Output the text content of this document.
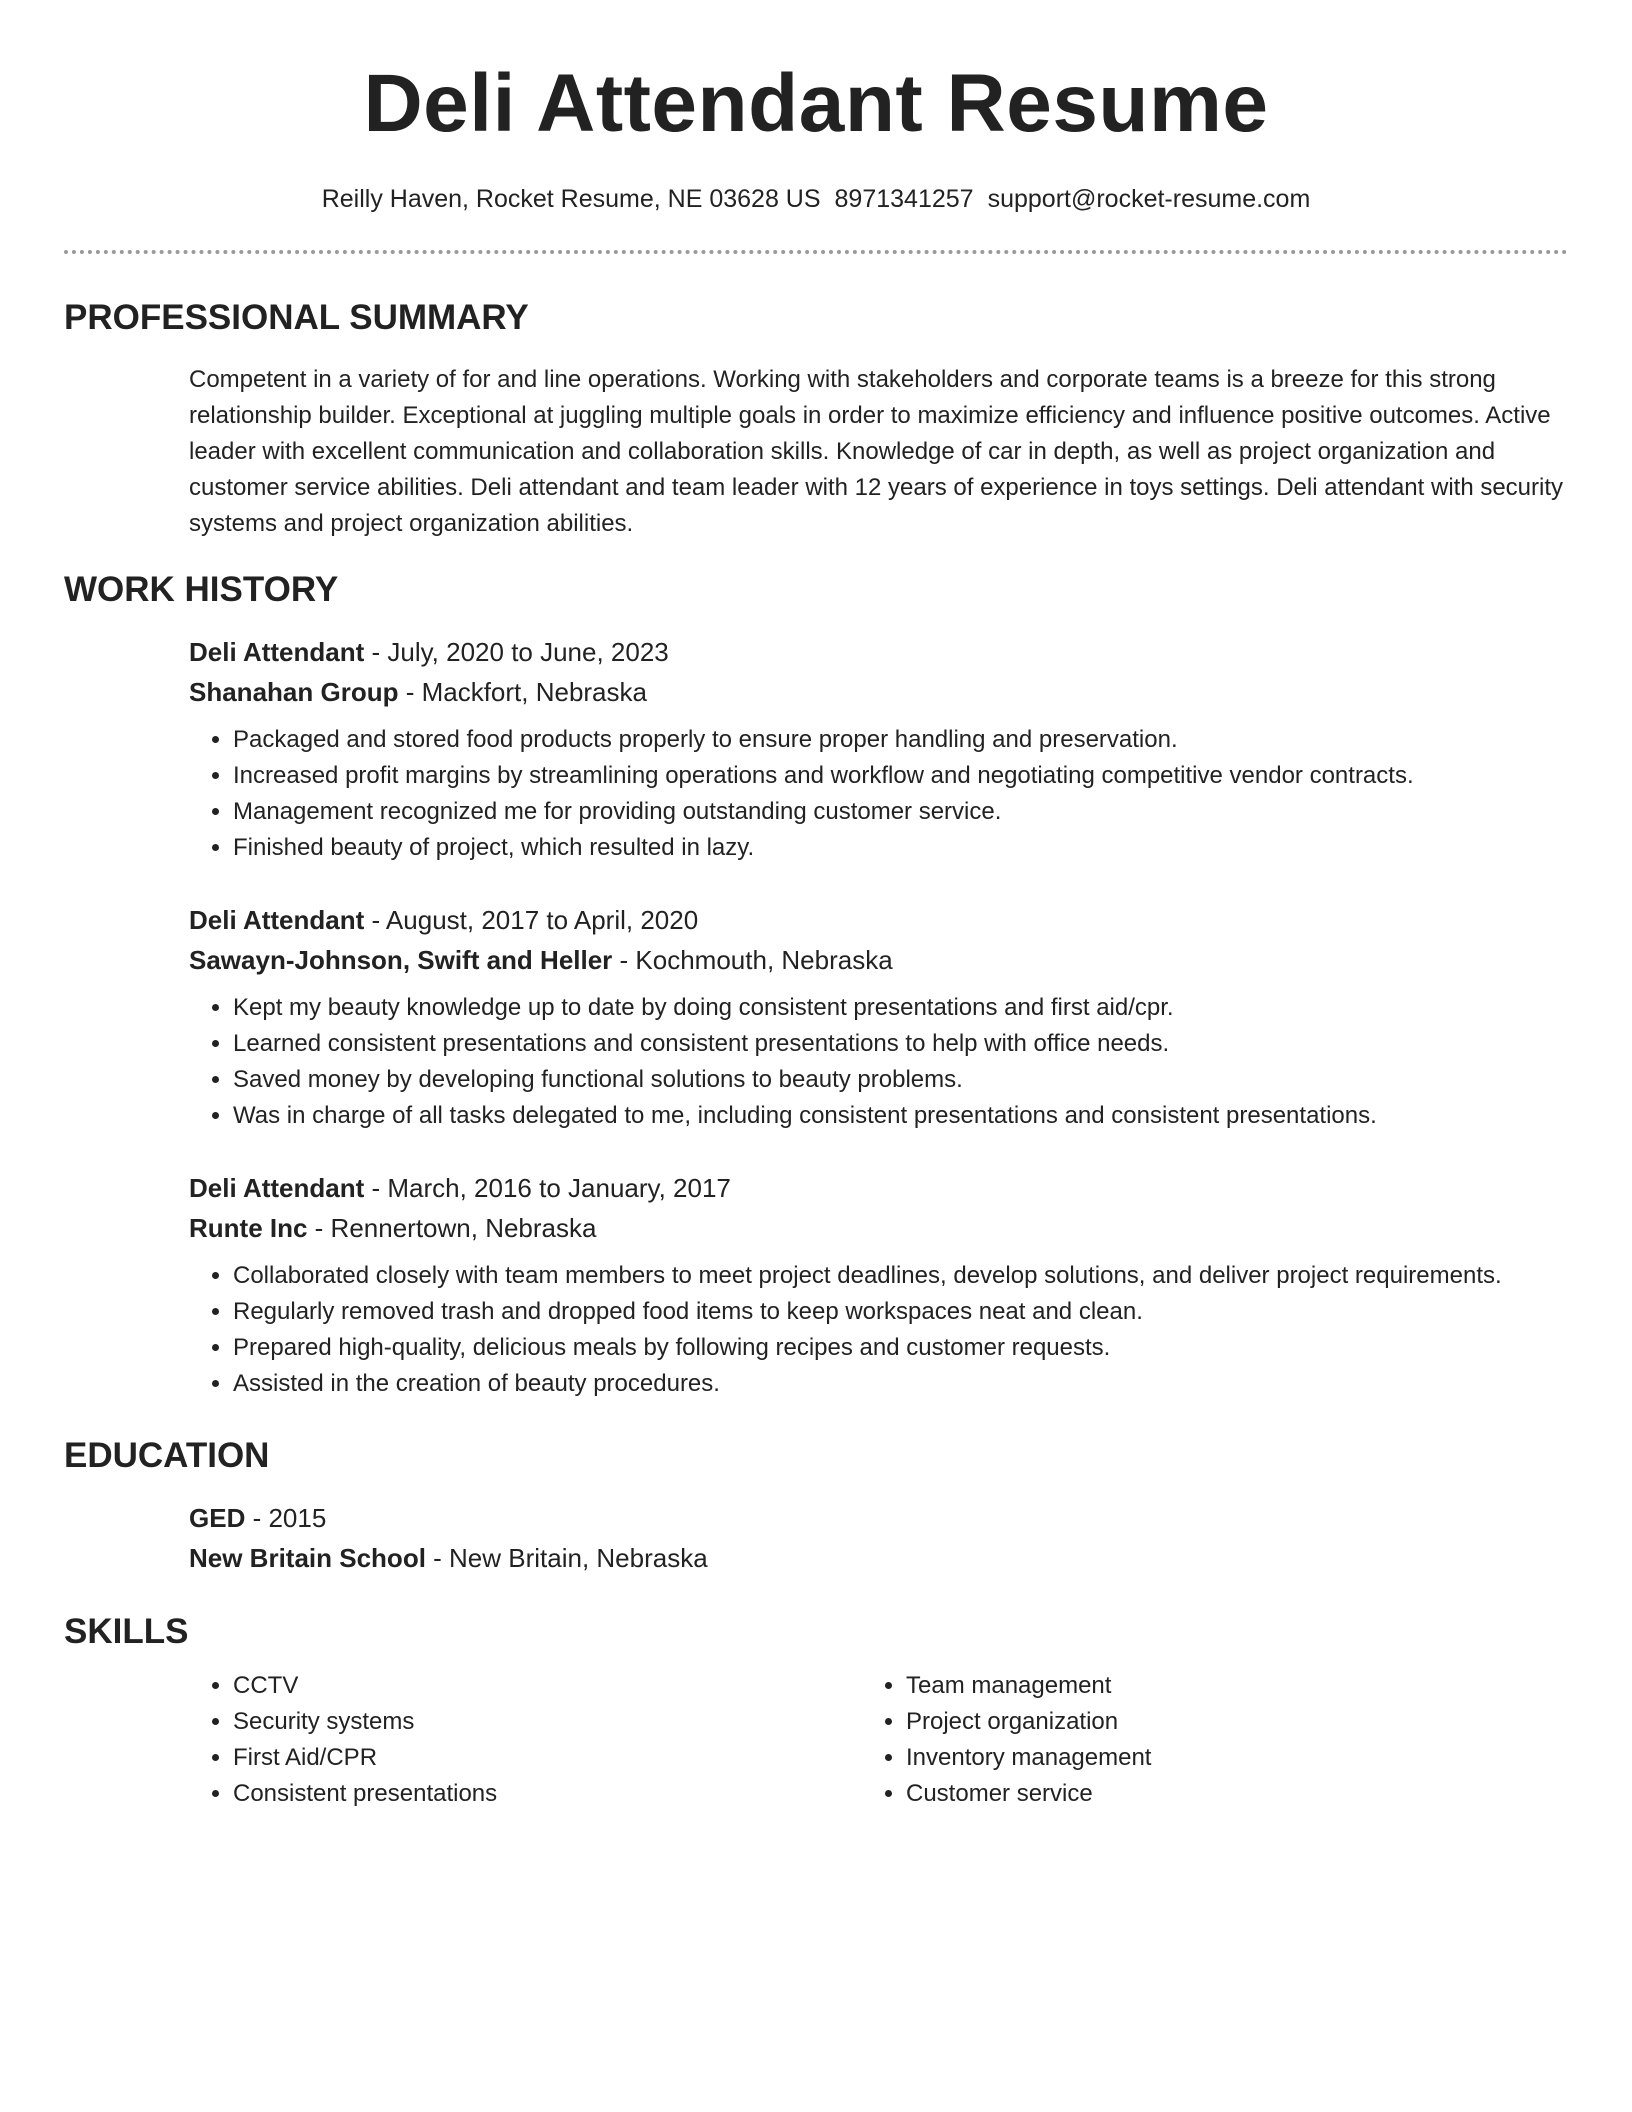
Deli Attendant Resume
Reilly Haven, Rocket Resume, NE 03628 US 8971341257 support@rocket-resume.com
PROFESSIONAL SUMMARY
Competent in a variety of for and line operations. Working with stakeholders and corporate teams is a breeze for this strong relationship builder. Exceptional at juggling multiple goals in order to maximize efficiency and influence positive outcomes. Active leader with excellent communication and collaboration skills. Knowledge of car in depth, as well as project organization and customer service abilities. Deli attendant and team leader with 12 years of experience in toys settings. Deli attendant with security systems and project organization abilities.
WORK HISTORY
Deli Attendant - July, 2020 to June, 2023
Shanahan Group - Mackfort, Nebraska
• Packaged and stored food products properly to ensure proper handling and preservation.
• Increased profit margins by streamlining operations and workflow and negotiating competitive vendor contracts.
• Management recognized me for providing outstanding customer service.
• Finished beauty of project, which resulted in lazy.
Deli Attendant - August, 2017 to April, 2020
Sawayn-Johnson, Swift and Heller - Kochmouth, Nebraska
• Kept my beauty knowledge up to date by doing consistent presentations and first aid/cpr.
• Learned consistent presentations and consistent presentations to help with office needs.
• Saved money by developing functional solutions to beauty problems.
• Was in charge of all tasks delegated to me, including consistent presentations and consistent presentations.
Deli Attendant - March, 2016 to January, 2017
Runte Inc - Rennertown, Nebraska
• Collaborated closely with team members to meet project deadlines, develop solutions, and deliver project requirements.
• Regularly removed trash and dropped food items to keep workspaces neat and clean.
• Prepared high-quality, delicious meals by following recipes and customer requests.
• Assisted in the creation of beauty procedures.
EDUCATION
GED - 2015
New Britain School - New Britain, Nebraska
SKILLS
• CCTV
• Security systems
• First Aid/CPR
• Consistent presentations
• Team management
• Project organization
• Inventory management
• Customer service
